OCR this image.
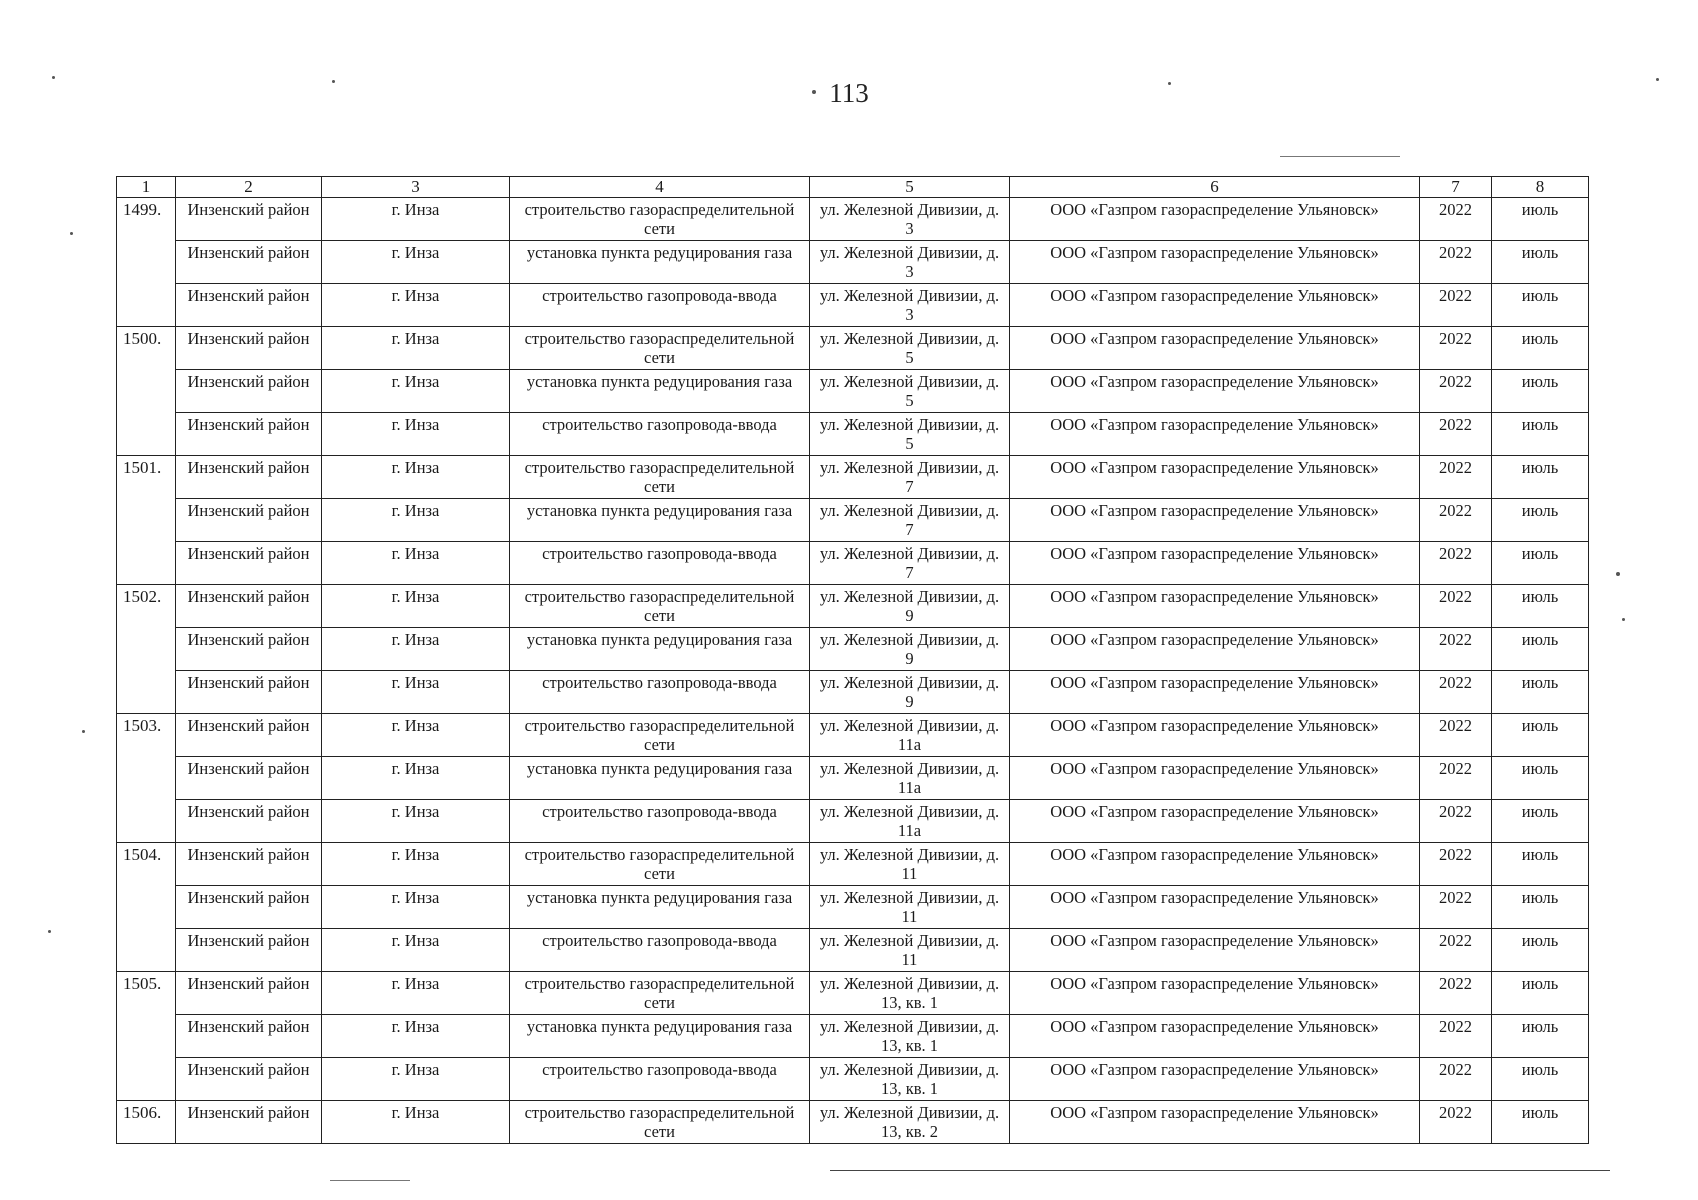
113
1	2	3	4	5	6	7	8
1499.	Инзенский район	г. Инза	строительство газораспределительной сети	ул. Железной Дивизии, д. 3	ООО «Газпром газораспределение Ульяновск»	2022	июль
	Инзенский район	г. Инза	установка пункта редуцирования газа	ул. Железной Дивизии, д. 3	ООО «Газпром газораспределение Ульяновск»	2022	июль
	Инзенский район	г. Инза	строительство газопровода-ввода	ул. Железной Дивизии, д. 3	ООО «Газпром газораспределение Ульяновск»	2022	июль
1500.	Инзенский район	г. Инза	строительство газораспределительной сети	ул. Железной Дивизии, д. 5	ООО «Газпром газораспределение Ульяновск»	2022	июль
	Инзенский район	г. Инза	установка пункта редуцирования газа	ул. Железной Дивизии, д. 5	ООО «Газпром газораспределение Ульяновск»	2022	июль
	Инзенский район	г. Инза	строительство газопровода-ввода	ул. Железной Дивизии, д. 5	ООО «Газпром газораспределение Ульяновск»	2022	июль
1501.	Инзенский район	г. Инза	строительство газораспределительной сети	ул. Железной Дивизии, д. 7	ООО «Газпром газораспределение Ульяновск»	2022	июль
	Инзенский район	г. Инза	установка пункта редуцирования газа	ул. Железной Дивизии, д. 7	ООО «Газпром газораспределение Ульяновск»	2022	июль
	Инзенский район	г. Инза	строительство газопровода-ввода	ул. Железной Дивизии, д. 7	ООО «Газпром газораспределение Ульяновск»	2022	июль
1502.	Инзенский район	г. Инза	строительство газораспределительной сети	ул. Железной Дивизии, д. 9	ООО «Газпром газораспределение Ульяновск»	2022	июль
	Инзенский район	г. Инза	установка пункта редуцирования газа	ул. Железной Дивизии, д. 9	ООО «Газпром газораспределение Ульяновск»	2022	июль
	Инзенский район	г. Инза	строительство газопровода-ввода	ул. Железной Дивизии, д. 9	ООО «Газпром газораспределение Ульяновск»	2022	июль
1503.	Инзенский район	г. Инза	строительство газораспределительной сети	ул. Железной Дивизии, д. 11а	ООО «Газпром газораспределение Ульяновск»	2022	июль
	Инзенский район	г. Инза	установка пункта редуцирования газа	ул. Железной Дивизии, д. 11а	ООО «Газпром газораспределение Ульяновск»	2022	июль
	Инзенский район	г. Инза	строительство газопровода-ввода	ул. Железной Дивизии, д. 11а	ООО «Газпром газораспределение Ульяновск»	2022	июль
1504.	Инзенский район	г. Инза	строительство газораспределительной сети	ул. Железной Дивизии, д. 11	ООО «Газпром газораспределение Ульяновск»	2022	июль
	Инзенский район	г. Инза	установка пункта редуцирования газа	ул. Железной Дивизии, д. 11	ООО «Газпром газораспределение Ульяновск»	2022	июль
	Инзенский район	г. Инза	строительство газопровода-ввода	ул. Железной Дивизии, д. 11	ООО «Газпром газораспределение Ульяновск»	2022	июль
1505.	Инзенский район	г. Инза	строительство газораспределительной сети	ул. Железной Дивизии, д. 13, кв. 1	ООО «Газпром газораспределение Ульяновск»	2022	июль
	Инзенский район	г. Инза	установка пункта редуцирования газа	ул. Железной Дивизии, д. 13, кв. 1	ООО «Газпром газораспределение Ульяновск»	2022	июль
	Инзенский район	г. Инза	строительство газопровода-ввода	ул. Железной Дивизии, д. 13, кв. 1	ООО «Газпром газораспределение Ульяновск»	2022	июль
1506.	Инзенский район	г. Инза	строительство газораспределительной сети	ул. Железной Дивизии, д. 13, кв. 2	ООО «Газпром газораспределение Ульяновск»	2022	июль
